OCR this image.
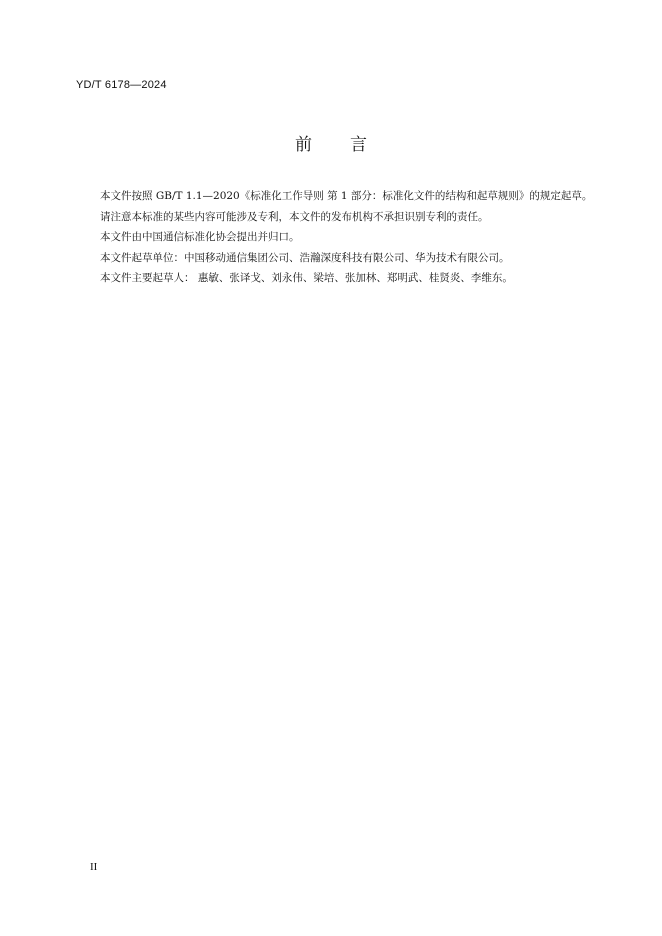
YD/T 6178—2024
前言

本文件按照 GB/T 1.1—2020《标准化工作导则 第 1 部分：标准化文件的结构和起草规则》的规定起草。

请注意本标准的某些内容可能涉及专利，本文件的发布机构不承担识别专利的责任。

本文件由中国通信标准化协会提出并归口。

本文件起草单位：中国移动通信集团公司、浩瀚深度科技有限公司、华为技术有限公司。

本文件主要起草人： 惠敏、张译戈、刘永伟、梁培、张加林、郑明武、桂贤炎、李维东。

II
